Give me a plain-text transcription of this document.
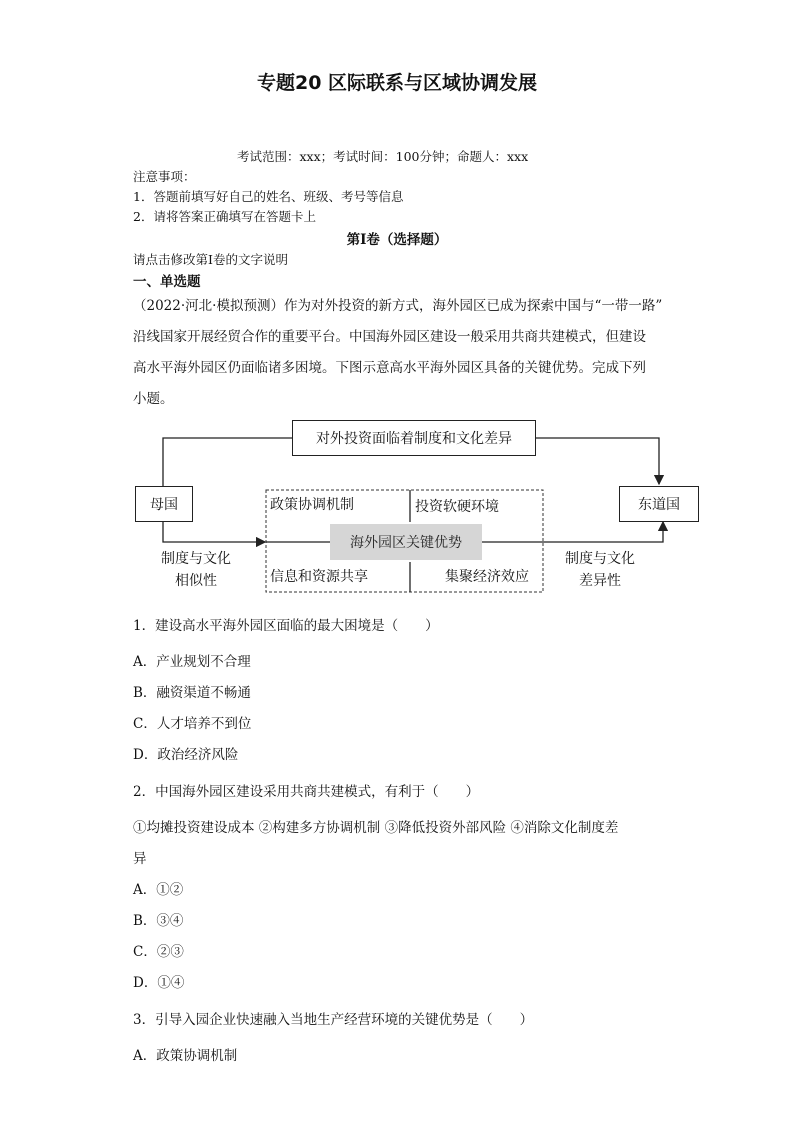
专题20 区际联系与区域协调发展
考试范围：xxx；考试时间：100分钟；命题人：xxx
注意事项：
1．答题前填写好自己的姓名、班级、考号等信息
2．请将答案正确填写在答题卡上
第I卷（选择题）
请点击修改第I卷的文字说明
一、单选题
（2022·河北·模拟预测）作为对外投资的新方式，海外园区已成为探索中国与“一带一路”
沿线国家开展经贸合作的重要平台。中国海外园区建设一般采用共商共建模式，但建设
高水平海外园区仍面临诸多困境。下图示意高水平海外园区具备的关键优势。完成下列
小题。
对外投资面临着制度和文化差异
母国	东道国
政策协调机制	投资软硬环境
信息和资源共享	集聚经济效应
海外园区关键优势
制度与文化
相似性
制度与文化
差异性
1．建设高水平海外园区面临的最大困境是（　　）
A．产业规划不合理
B．融资渠道不畅通
C．人才培养不到位
D．政治经济风险
2．中国海外园区建设采用共商共建模式，有利于（　　）
①均摊投资建设成本 ②构建多方协调机制 ③降低投资外部风险 ④消除文化制度差
异
A．①②
B．③④
C．②③
D．①④
3．引导入园企业快速融入当地生产经营环境的关键优势是（　　）
A．政策协调机制
